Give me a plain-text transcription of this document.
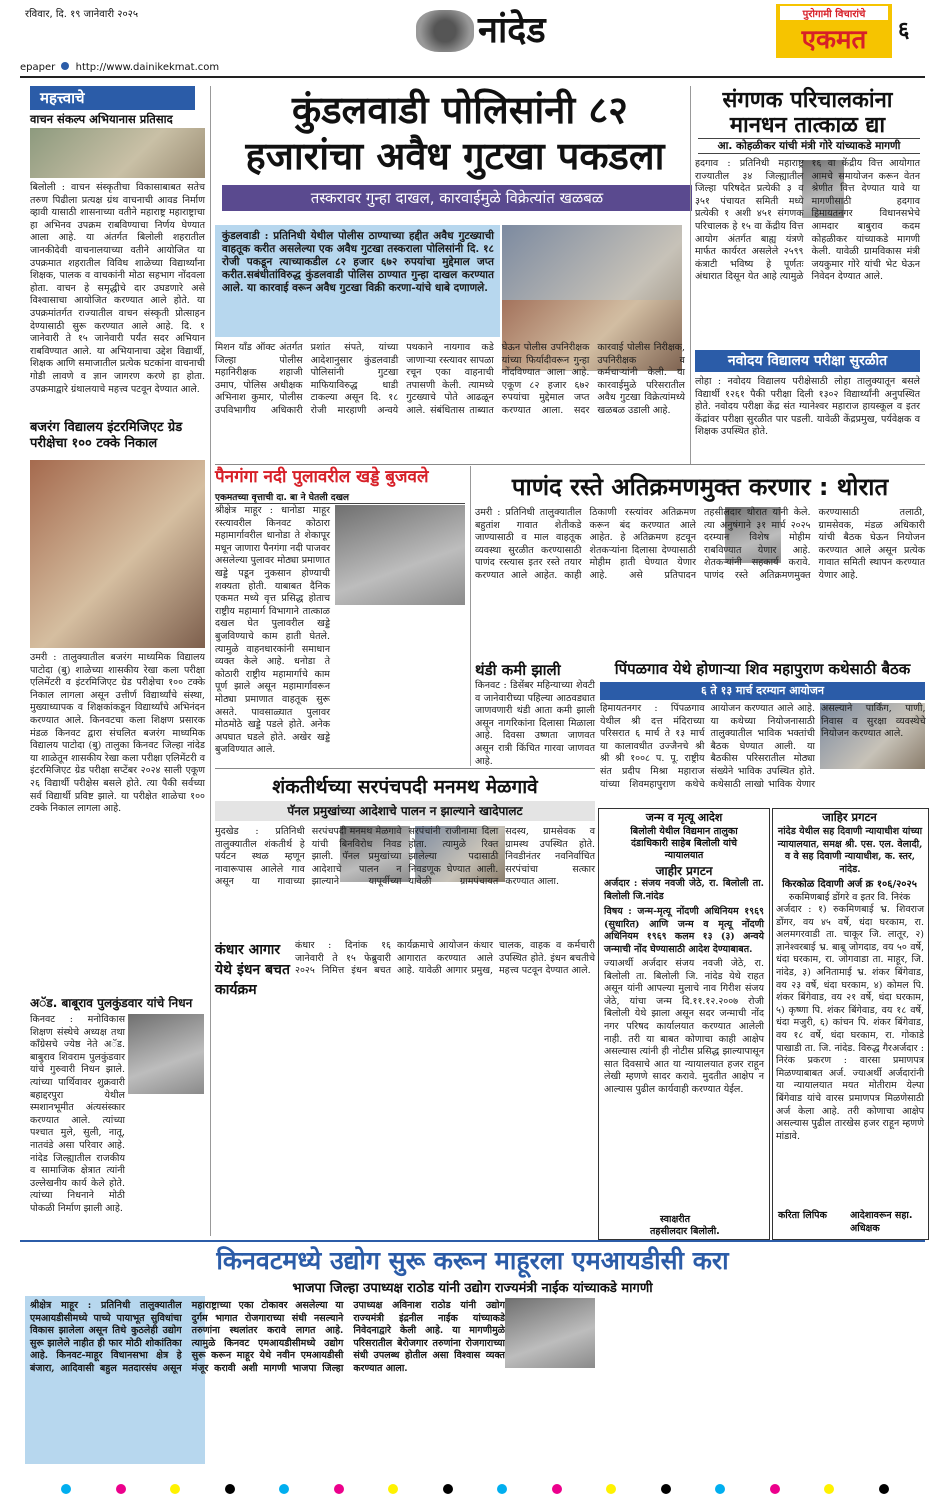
रविवार, दि. १९ जानेवारी २०२५	नांदेड	पुरोगामी विचारांचे
एकमत	६
epaper http://www.dainikekmat.com
महत्त्वाचे
वाचन संकल्प अभियानास प्रतिसाद
बिलोली : वाचन संस्कृतीचा विकासाबाबत सतेच तरुण पिढीला प्रत्यक्ष ग्रंथ वाचनाची आवड निर्माण व्हावी यासाठी शासनाच्या वतीने महाराष्ट्र महाराष्ट्राचा हा अभिनव उपक्रम राबविण्याचा निर्णय घेण्यात आला आहे. या अंतर्गत बिलोली शहरातील जानकीदेवी वाचनालयाच्या वतीने आयोजित या उपक्रमात शहरातील विविध शाळेच्या विद्यार्थ्यांना शिक्षक, पालक व वाचकांनी मोठा सहभाग नोंदवला होता. वाचन हे समृद्धीचे दार उघडणारे असे विश्वासाचा आयोजित करण्यात आले होते. या उपक्रमांतर्गत राज्यातील वाचन संस्कृती प्रोत्साहन देण्यासाठी सुरू करण्यात आले आहे. दि. १ जानेवारी ते १५ जानेवारी पर्यंत सदर अभियान राबविण्यात आले. या अभियानाचा उद्देश विद्यार्थी, शिक्षक आणि समाजातील प्रत्येक घटकांना वाचनाची गोडी लावणे व ज्ञान जागरण करणे हा होता. उपक्रमाद्वारे ग्रंथालयाचे महत्त्व पटवून देण्यात आले.
बजरंग विद्यालय इंटरमिजिएट ग्रेड परीक्षेचा १०० टक्के निकाल
उमरी : तालुक्यातील बजरंग माध्यमिक विद्यालय पाटोदा (बु) शाळेच्या शासकीय रेखा कला परीक्षा एलिमेंटरी व इंटरमिजिएट ग्रेड परीक्षेचा १०० टक्के निकाल लागला असून उत्तीर्ण विद्यार्थ्यांचे संस्था, मुख्याध्यापक व शिक्षकांकडून विद्यार्थ्यांचे अभिनंदन करण्यात आले. किनवटचा कला शिक्षण प्रसारक मंडळ किनवट द्वारा संचलित बजरंग माध्यमिक विद्यालय पाटोदा (बु) तालुका किनवट जिल्हा नांदेड या शाळेतून शासकीय रेखा कला परीक्षा एलिमेंटरी व इंटरमिजिएट ग्रेड परीक्षा सप्टेंबर २०२४ साली एकूण २६ विद्यार्थी परीक्षेस बसले होते. त्या पैकी सर्वच्या सर्व विद्यार्थी प्रविष्ट झाले. या परीक्षेत शाळेचा १०० टक्के निकाल लागला आहे.
अॅड. बाबूराव पुलकुंडवार यांचे निधन
किनवट : मनोविकास शिक्षण संस्थेचे अध्यक्ष तथा काँग्रेसचे ज्येष्ठ नेते अॅड. बाबुराव शिवराम पुलकुंडवार यांचे गुरुवारी निधन झाले. त्यांच्या पार्थिवावर शुक्रवारी बहाद्दरपुरा येथील स्मशानभूमीत अंत्यसंस्कार करण्यात आले. त्यांच्या पश्चात मुले, सुली, नातू, नातवंडे असा परिवार आहे. नांदेड जिल्ह्यातील राजकीय व सामाजिक क्षेत्रात त्यांनी उल्लेखनीय कार्य केले होते. त्यांच्या निधनाने मोठी पोकळी निर्माण झाली आहे.
कुंडलवाडी पोलिसांनी ८२
हजारांचा अवैध गुटखा पकडला
तस्करावर गुन्हा दाखल, कारवाईमुळे विक्रेत्यांत खळबळ
कुंडलवाडी : प्रतिनिधी येथील पोलीस ठाण्याच्या हद्दीत अवैध गुटख्याची वाहतूक करीत असलेल्या एक अवैध गुटखा तस्कराला पोलिसांनी दि. १८ रोजी पकडून त्याच्याकडील ८२ हजार ६७२ रुपयांचा मुद्देमाल जप्त करीत.सबंधीतांविरुद्ध कुंडलवाडी पोलिस ठाण्यात गुन्हा दाखल करण्यात आले. या कारवाई वरून अवैध गुटखा विक्री करणा-यांचे धाबे दणाणले.
मिशन यॉंड ऑक्ट अंतर्गत जिल्हा पोलीस महानिरीक्षक शहाजी उमाप, पोलिस अधीक्षक अभिनाश कुमार, पोलीस उपविभागीय अधिकारी प्रशांत संपते, यांच्या आदेशानुसार कुंडलवाडी पोलिसांनी गुटखा माफियाविरुद्ध धाडी टाकल्या असून दि. १८ रोजी मारहाणी अन्वये पथकाने नायगाव कडे जाणाऱ्या रस्त्यावर सापळा रचून एका वाहनाची तपासणी केली. त्यामध्ये गुटख्याचे पोते आढळून आले. संबंधितास ताब्यात घेऊन पोलीस उपनिरीक्षक यांच्या फिर्यादीवरून गुन्हा नोंदविण्यात आला आहे. एकूण ८२ हजार ६७२ रुपयांचा मुद्देमाल जप्त करण्यात आला. सदर कारवाई पोलीस निरीक्षक, उपनिरीक्षक व कर्मचाऱ्यांनी केली. या कारवाईमुळे परिसरातील अवैध गुटखा विक्रेत्यांमध्ये खळबळ उडाली आहे.
संगणक परिचालकांना
मानधन तात्काळ द्या
आ. कोहळीकर यांची मंत्री गोरे यांच्याकडे मागणी
हदगाव : प्रतिनिधी महाराष्ट्र राज्यातील ३४ जिल्ह्यातील जिल्हा परिषदेत प्रत्येकी ३ व ३५१ पंचायत समिती मध्ये प्रत्येकी १ अशी ४५१ संगणक परिचालक हे १५ वा केंद्रीय वित्त आयोग अंतर्गत बाह्य यंत्रणे मार्फत कार्यरत असलेले २५९९ कंत्राटी भविष्य हे पूर्णतः अंधारात दिसून येत आहे त्यामुळे १६ वा केंद्रीय वित्त आयोगात आमचे समायोजन करून वेतन श्रेणीत वित्त देण्यात यावे या मागणीसाठी हदगाव हिमायतनगर विधानसभेचे आमदार बाबुराव कदम कोहळीकर यांच्याकडे मागणी केली. यावेळी ग्रामविकास मंत्री जयकुमार गोरे यांची भेट घेऊन निवेदन देण्यात आले.
नवोदय विद्यालय परीक्षा सुरळीत
लोहा : नवोदय विद्यालय परीक्षेसाठी लोहा तालुक्यातून बसले विद्यार्थी १२६१ पैकी परीक्षा दिली १३०२ विद्यार्थ्यांनी अनुपस्थित होते. नवोदय परीक्षा केंद्र संत ग्यानेश्वर महाराज हायस्कूल व इतर केंद्रांवर परीक्षा सुरळीत पार पडली. यावेळी केंद्रप्रमुख, पर्यवेक्षक व शिक्षक उपस्थित होते.
पैनगंगा नदी पुलावरील खड्डे बुजवले
एकमतच्या वृत्ताची दा. बा ने घेतली दखल
श्रीक्षेत्र माहूर : धानोडा माहूर रस्त्यावरील किनवट कोठारा महामार्गावरील धानोडा ते शेकापूर मधून जाणारा पैनगंगा नदी पाजवर असलेल्या पुलावर मोठ्या प्रमाणात खड्डे पडून नुकसान होण्याची शक्यता होती. याबाबत दैनिक एकमत मध्ये वृत्त प्रसिद्ध होताच राष्ट्रीय महामार्ग विभागाने तात्काळ दखल घेत पुलावरील खड्डे बुजविण्याचे काम हाती घेतले. त्यामुळे वाहनधारकांनी समाधान व्यक्त केले आहे. धनोडा ते कोठारी राष्ट्रीय महामार्गाचे काम पूर्ण झाले असून महामार्गावरून मोठ्या प्रमाणात वाहतूक सुरू असते. पावसाळ्यात पुलावर मोठमोठे खड्डे पडले होते. अनेक अपघात घडले होते. अखेर खड्डे बुजविण्यात आले.
पाणंद रस्ते अतिक्रमणमुक्त करणार : थोरात
उमरी : प्रतिनिधी तालुक्यातील बहुतांश गावात शेतीकडे जाण्यासाठी व माल वाहतूक व्यवस्था सुरळीत करण्यासाठी पाणंद रस्त्यास इतर रस्ते तयार करण्यात आले आहेत. काही ठिकाणी रस्त्यांवर अतिक्रमण करून बंद करण्यात आले आहेत. हे अतिक्रमण हटवून शेतकऱ्यांना दिलासा देण्यासाठी मोहीम हाती घेण्यात येणार आहे. असे प्रतिपादन तहसीलदार थोरात यांनी केले. त्या अनुषंगाने ३१ मार्च २०२५ दरम्यान विशेष मोहीम राबविण्यात येणार आहे. शेतकऱ्यांनी सहकार्य करावे. पाणंद रस्ते अतिक्रमणमुक्त करण्यासाठी तलाठी, ग्रामसेवक, मंडळ अधिकारी यांची बैठक घेऊन नियोजन करण्यात आले असून प्रत्येक गावात समिती स्थापन करण्यात येणार आहे.
थंडी कमी झाली
किनवट : डिसेंबर महिन्याच्या शेवटी व जानेवारीच्या पहिल्या आठवड्यात जाणवणारी थंडी आता कमी झाली असून नागरिकांना दिलासा मिळाला आहे. दिवसा उष्णता जाणवत असून रात्री किंचित गारवा जाणवत आहे.
पिंपळगाव येथे होणाऱ्या शिव महापुराण कथेसाठी बैठक
६ ते १३ मार्च दरम्यान आयोजन
हिमायतनगर : पिंपळगाव येथील श्री दत्त मंदिराच्या परिसरात ६ मार्च ते १३ मार्च या कालावधीत उज्जैनचे श्री श्री श्री १००८ प. पू. राष्ट्रीय संत प्रदीप मिश्रा महाराज यांच्या शिवमहापुराण कथेचे आयोजन करण्यात आले आहे. या कथेच्या नियोजनासाठी तालुक्यातील भाविक भक्तांची बैठक घेण्यात आली. या बैठकीस परिसरातील मोठ्या संख्येने भाविक उपस्थित होते. कथेसाठी लाखो भाविक येणार
शंकतीर्थच्या सरपंचपदी मनमथ मेळगावे
पॅनल प्रमुखांच्या आदेशाचे पालन न झाल्याने खादेपालट
मुदखेड : प्रतिनिधी तालुक्यातील शंकतीर्थ हे पर्यटन स्थळ म्हणून नावारूपास आलेले गाव असून या गावाच्या सरपंचपदी मनमथ मेळगावे यांची बिनविरोध निवड झाली. पॅनल प्रमुखांच्या आदेशाचे पालन न झाल्याने यापूर्वीच्या सरपंचांनी राजीनामा दिला होता. त्यामुळे रिक्त झालेल्या पदासाठी निवडणूक घेण्यात आली. यावेळी ग्रामपंचायत सदस्य, ग्रामसेवक व ग्रामस्थ उपस्थित होते. निवडीनंतर नवनिर्वाचित सरपंचांचा सत्कार करण्यात आला.
कंधार आगार येथे इंधन बचत कार्यक्रम
कंधार : दिनांक १६ जानेवारी ते १५ फेब्रुवारी २०२५ निमित्त इंधन बचत कार्यक्रमाचे आयोजन कंधार आगारात करण्यात आले आहे. यावेळी आगार प्रमुख, चालक, वाहक व कर्मचारी उपस्थित होते. इंधन बचतीचे महत्त्व पटवून देण्यात आले.
जन्म व मृत्यू आदेश
बिलोली येथील विद्यमान तालुका
दंडाधिकारी साहेब बिलोली यांचे
न्यायालयात
जाहीर प्रगटन
अर्जदार : संजय नवजी जेठे, रा. बिलोली ता. बिलोली जि.नांदेड
विषय : जन्म-मृत्यू नोंदणी अधिनियम १९६९ (सुधारित) आणि जन्म व मृत्यू नोंदणी अधिनियम १९६९ कलम १३ (३) अन्वये जन्माची नोंद घेण्यासाठी आदेश देण्याबाबत.
ज्याअर्थी अर्जदार संजय नवजी जेठे, रा. बिलोली ता. बिलोली जि. नांदेड येथे राहत असून यांनी आपल्या मुलाचे नाव गिरीश संजय जेठे, यांचा जन्म दि.११.१२.२००७ रोजी बिलोली येथे झाला असून सदर जन्माची नोंद नगर परिषद कार्यालयात करण्यात आलेली नाही. तरी या बाबत कोणाचा काही आक्षेप असल्यास त्यांनी ही नोटीस प्रसिद्ध झाल्यापासून सात दिवसाचे आत या न्यायालयात हजर राहून लेखी म्हणणे सादर करावे. मुदतीत आक्षेप न आल्यास पुढील कार्यवाही करण्यात येईल.
स्वाक्षरीत
तहसीलदार बिलोली.
जाहिर प्रगटन
नांदेड येथील सह दिवाणी न्यायाधीश यांच्या न्यायालयात, समक्ष श्री. एस. एल. वेलादी, व वे सह दिवाणी न्यायाधीश, क. स्तर, नांदेड.
किरकोळ दिवाणी अर्ज क्र १०६/२०२५
रुकमिणबाई डोंगरे व इतर वि. निरंक
अर्जदार : १) रुकमिणबाई भ्र. शिवराज डोंगर, वय ४५ वर्षे, धंदा घरकाम, रा. अलमगरवाडी ता. चाकूर जि. लातूर, २) ज्ञानेश्वरबाई भ्र. बाबू जोगदाड, वय ५० वर्षे, धंदा घरकाम, रा. जोगवाडा ता. माहूर, जि. नांदेड, ३) अनितामाई भ्र. शंकर बिंगेवाड, वय २३ वर्षे, धंदा घरकाम, ४) कोमल पि. शंकर बिंगेवाड, वय २१ वर्षे, धंदा घरकाम, ५) कृष्णा पि. शंकर बिंगेवाड, वय १८ वर्षे, धंदा मजुरी, ६) कांचन पि. शंकर बिंगेवाड, वय १८ वर्षे, धंदा घरकाम, रा. गोकाडे पाखाडी ता. जि. नांदेड. विरुद्ध गैरअर्जदार : निरंक प्रकरण : वारसा प्रमाणपत्र मिळण्याबाबत अर्ज. ज्याअर्थी अर्जदारांनी या न्यायालयात मयत मोतीराम येल्पा बिंगेवाड यांचे वारस प्रमाणपत्र मिळणेसाठी अर्ज केला आहे. तरी कोणाचा आक्षेप असल्यास पुढील तारखेस हजर राहून म्हणणे मांडावे.
करिता लिपिक आदेशावरून सहा. अधिक्षक
किनवटमध्ये उद्योग सुरू करून माहूरला एमआयडीसी करा
भाजपा जिल्हा उपाध्यक्ष राठोड यांनी उद्योग राज्यमंत्री नाईक यांच्याकडे मागणी
श्रीक्षेत्र माहूर : प्रतिनिधी तालुक्यातील एमआयडीसीमध्ये पाच्ये पायाभूत सुविधांचा विकास झालेला असून तिथे कुठलेही उद्योग सुरू झालेले नाहीत ही फार मोठी शोकांतिका आहे. किनवट-माहूर विधानसभा क्षेत्र हे बंजारा, आदिवासी बहुल मतदारसंघ असून महाराष्ट्राच्या एका टोकावर असलेल्या या दुर्गम भागात रोजगाराच्या संधी नसल्याने तरुणांना स्थलांतर करावे लागत आहे. त्यामुळे किनवट एमआयडीसीमध्ये उद्योग सुरू करून माहूर येथे नवीन एमआयडीसी मंजूर करावी अशी मागणी भाजपा जिल्हा उपाध्यक्ष अविनाश राठोड यांनी उद्योग राज्यमंत्री इंद्रनील नाईक यांच्याकडे निवेदनाद्वारे केली आहे. या मागणीमुळे परिसरातील बेरोजगार तरुणांना रोजगाराच्या संधी उपलब्ध होतील असा विश्वास व्यक्त करण्यात आला.
